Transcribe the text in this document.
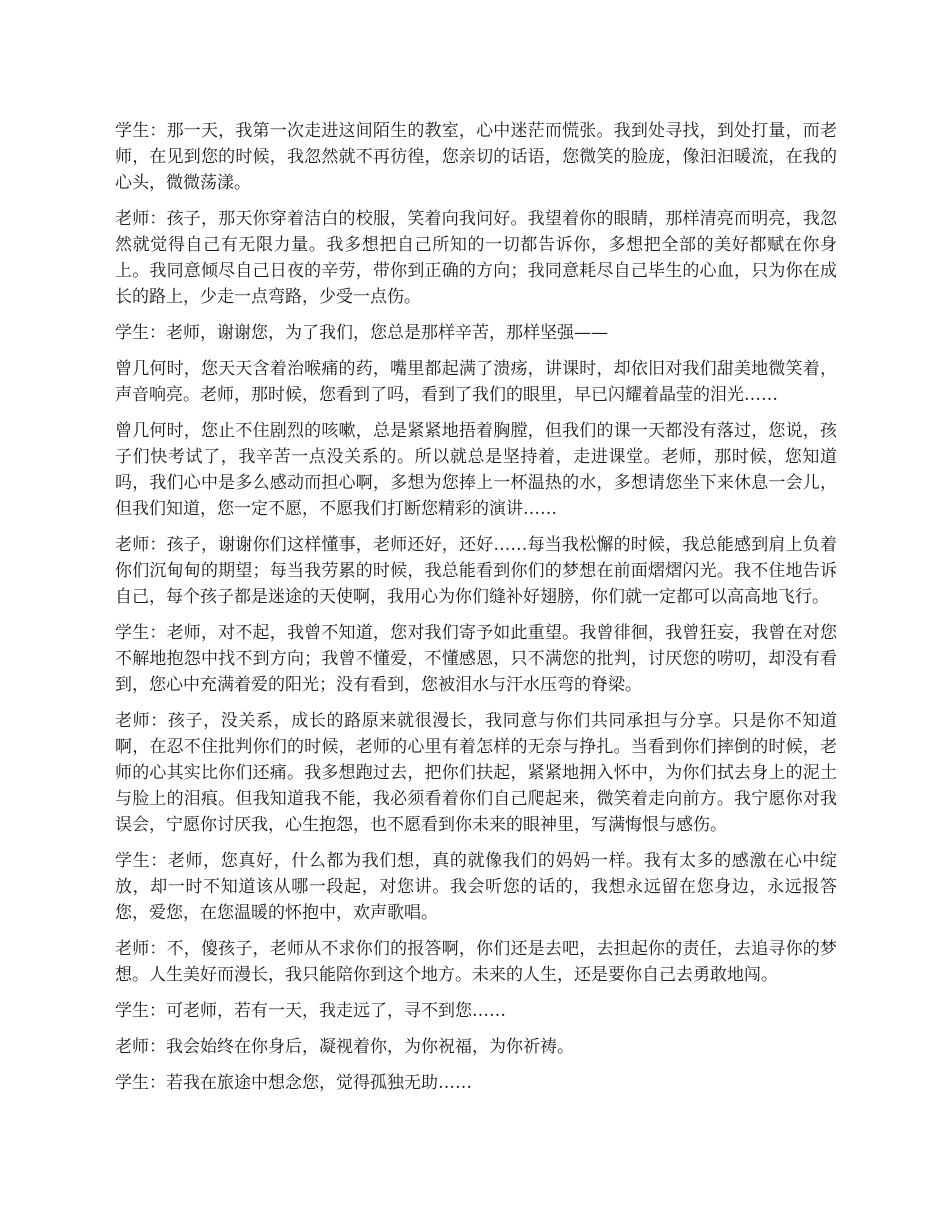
学生：那一天，我第一次走进这间陌生的教室，心中迷茫而慌张。我到处寻找，到处打量，而老师，在见到您的时候，我忽然就不再彷徨，您亲切的话语，您微笑的脸庞，像汩汩暖流，在我的心头，微微荡漾。

老师：孩子，那天你穿着洁白的校服，笑着向我问好。我望着你的眼睛，那样清亮而明亮，我忽然就觉得自己有无限力量。我多想把自己所知的一切都告诉你，多想把全部的美好都赋在你身上。我同意倾尽自己日夜的辛劳，带你到正确的方向；我同意耗尽自己毕生的心血，只为你在成长的路上，少走一点弯路，少受一点伤。

学生：老师，谢谢您，为了我们，您总是那样辛苦，那样坚强——

曾几何时，您天天含着治喉痛的药，嘴里都起满了溃疡，讲课时，却依旧对我们甜美地微笑着，声音响亮。老师，那时候，您看到了吗，看到了我们的眼里，早已闪耀着晶莹的泪光……

曾几何时，您止不住剧烈的咳嗽，总是紧紧地捂着胸膛，但我们的课一天都没有落过，您说，孩子们快考试了，我辛苦一点没关系的。所以就总是坚持着，走进课堂。老师，那时候，您知道吗，我们心中是多么感动而担心啊，多想为您捧上一杯温热的水，多想请您坐下来休息一会儿，但我们知道，您一定不愿，不愿我们打断您精彩的演讲……

老师：孩子，谢谢你们这样懂事，老师还好，还好……每当我松懈的时候，我总能感到肩上负着你们沉甸甸的期望；每当我劳累的时候，我总能看到你们的梦想在前面熠熠闪光。我不住地告诉自己，每个孩子都是迷途的天使啊，我用心为你们缝补好翅膀，你们就一定都可以高高地飞行。

学生：老师，对不起，我曾不知道，您对我们寄予如此重望。我曾徘徊，我曾狂妄，我曾在对您不解地抱怨中找不到方向；我曾不懂爱，不懂感恩，只不满您的批判，讨厌您的唠叨，却没有看到，您心中充满着爱的阳光；没有看到，您被泪水与汗水压弯的脊梁。

老师：孩子，没关系，成长的路原来就很漫长，我同意与你们共同承担与分享。只是你不知道啊，在忍不住批判你们的时候，老师的心里有着怎样的无奈与挣扎。当看到你们摔倒的时候，老师的心其实比你们还痛。我多想跑过去，把你们扶起，紧紧地拥入怀中，为你们拭去身上的泥土与脸上的泪痕。但我知道我不能，我必须看着你们自己爬起来，微笑着走向前方。我宁愿你对我误会，宁愿你讨厌我，心生抱怨，也不愿看到你未来的眼神里，写满悔恨与感伤。

学生：老师，您真好，什么都为我们想，真的就像我们的妈妈一样。我有太多的感激在心中绽放，却一时不知道该从哪一段起，对您讲。我会听您的话的，我想永远留在您身边，永远报答您，爱您，在您温暖的怀抱中，欢声歌唱。

老师：不，傻孩子，老师从不求你们的报答啊，你们还是去吧，去担起你的责任，去追寻你的梦想。人生美好而漫长，我只能陪你到这个地方。未来的人生，还是要你自己去勇敢地闯。

学生：可老师，若有一天，我走远了，寻不到您……

老师：我会始终在你身后，凝视着你，为你祝福，为你祈祷。

学生：若我在旅途中想念您，觉得孤独无助……
